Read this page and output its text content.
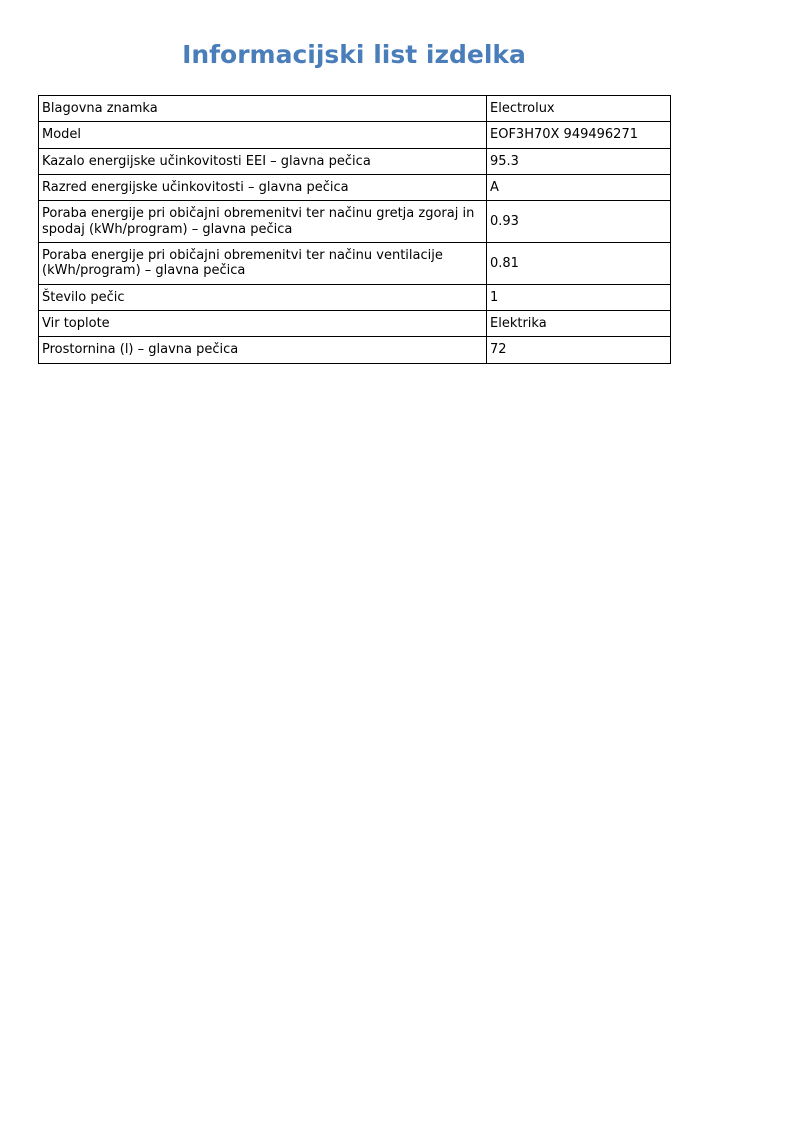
Informacijski list izdelka
Blagovna znamka	Electrolux
Model	EOF3H70X 949496271
Kazalo energijske učinkovitosti EEI – glavna pečica	95.3
Razred energijske učinkovitosti – glavna pečica	A
Poraba energije pri običajni obremenitvi ter načinu gretja zgoraj in spodaj (kWh/program) – glavna pečica	0.93
Poraba energije pri običajni obremenitvi ter načinu ventilacije (kWh/program) – glavna pečica	0.81
Število pečic	1
Vir toplote	Elektrika
Prostornina (l) – glavna pečica	72
